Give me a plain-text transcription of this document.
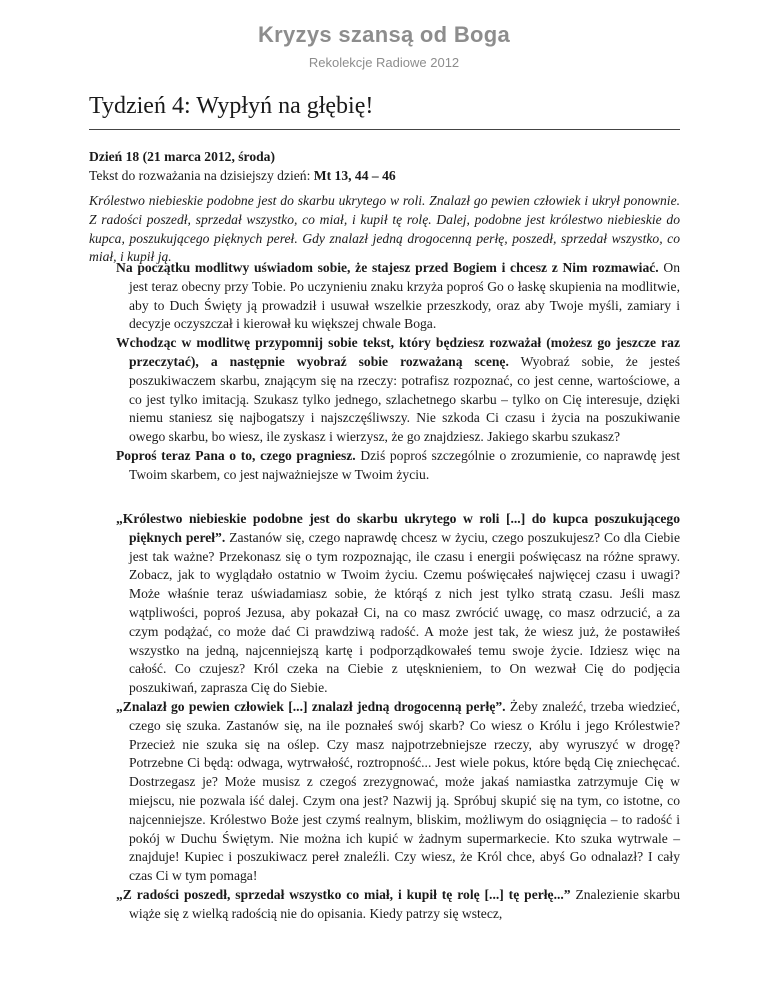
Kryzys szansą od Boga
Rekolekcje Radiowe 2012
Tydzień 4: Wypłyń na głębię!
Dzień 18 (21 marca 2012, środa)
Tekst do rozważania na dzisiejszy dzień: Mt 13, 44 – 46
Królestwo niebieskie podobne jest do skarbu ukrytego w roli. Znalazł go pewien człowiek i ukrył ponownie. Z radości poszedł, sprzedał wszystko, co miał, i kupił tę rolę. Dalej, podobne jest królestwo niebieskie do kupca, poszukującego pięknych pereł. Gdy znalazł jedną drogocenną perłę, poszedł, sprzedał wszystko, co miał, i kupił ją.

Na początku modlitwy uświadom sobie, że stajesz przed Bogiem i chcesz z Nim rozmawiać. On jest teraz obecny przy Tobie. Po uczynieniu znaku krzyża poproś Go o łaskę skupienia na modlitwie, aby to Duch Święty ją prowadził i usuwał wszelkie przeszkody, oraz aby Twoje myśli, zamiary i decyzje oczyszczał i kierował ku większej chwale Boga.

Wchodząc w modlitwę przypomnij sobie tekst, który będziesz rozważał (możesz go jeszcze raz przeczytać), a następnie wyobraź sobie rozważaną scenę. Wyobraź sobie, że jesteś poszukiwaczem skarbu, znającym się na rzeczy: potrafisz rozpoznać, co jest cenne, wartościowe, a co jest tylko imitacją. Szukasz tylko jednego, szlachetnego skarbu – tylko on Cię interesuje, dzięki niemu staniesz się najbogatszy i najszczęśliwszy. Nie szkoda Ci czasu i życia na poszukiwanie owego skarbu, bo wiesz, ile zyskasz i wierzysz, że go znajdziesz. Jakiego skarbu szukasz?

Poproś teraz Pana o to, czego pragniesz. Dziś poproś szczególnie o zrozumienie, co naprawdę jest Twoim skarbem, co jest najważniejsze w Twoim życiu.

„Królestwo niebieskie podobne jest do skarbu ukrytego w roli [...] do kupca poszukującego pięknych pereł”. Zastanów się, czego naprawdę chcesz w życiu, czego poszukujesz? Co dla Ciebie jest tak ważne? Przekonasz się o tym rozpoznając, ile czasu i energii poświęcasz na różne sprawy. Zobacz, jak to wyglądało ostatnio w Twoim życiu. Czemu poświęcałeś najwięcej czasu i uwagi? Może właśnie teraz uświadamiasz sobie, że którąś z nich jest tylko stratą czasu. Jeśli masz wątpliwości, poproś Jezusa, aby pokazał Ci, na co masz zwrócić uwagę, co masz odrzucić, a za czym podążać, co może dać Ci prawdziwą radość. A może jest tak, że wiesz już, że postawiłeś wszystko na jedną, najcenniejszą kartę i podporządkowałeś temu swoje życie. Idziesz więc na całość. Co czujesz? Król czeka na Ciebie z utęsknieniem, to On wezwał Cię do podjęcia poszukiwań, zaprasza Cię do Siebie.

„Znalazł go pewien człowiek [...] znalazł jedną drogocenną perłę”. Żeby znaleźć, trzeba wiedzieć, czego się szuka. Zastanów się, na ile poznałeś swój skarb? Co wiesz o Królu i jego Królestwie? Przecież nie szuka się na oślep. Czy masz najpotrzebniejsze rzeczy, aby wyruszyć w drogę? Potrzebne Ci będą: odwaga, wytrwałość, roztropność... Jest wiele pokus, które będą Cię zniechęcać. Dostrzegasz je? Może musisz z czegoś zrezygnować, może jakaś namiastka zatrzymuje Cię w miejscu, nie pozwala iść dalej. Czym ona jest? Nazwij ją. Spróbuj skupić się na tym, co istotne, co najcenniejsze. Królestwo Boże jest czymś realnym, bliskim, możliwym do osiągnięcia – to radość i pokój w Duchu Świętym. Nie można ich kupić w żadnym supermarkecie. Kto szuka wytrwale – znajduje! Kupiec i poszukiwacz pereł znaleźli. Czy wiesz, że Król chce, abyś Go odnalazł? I cały czas Ci w tym pomaga!

„Z radości poszedł, sprzedał wszystko co miał, i kupił tę rolę [...] tę perłę...” Znalezienie skarbu wiąże się z wielką radością nie do opisania. Kiedy patrzy się wstecz,
